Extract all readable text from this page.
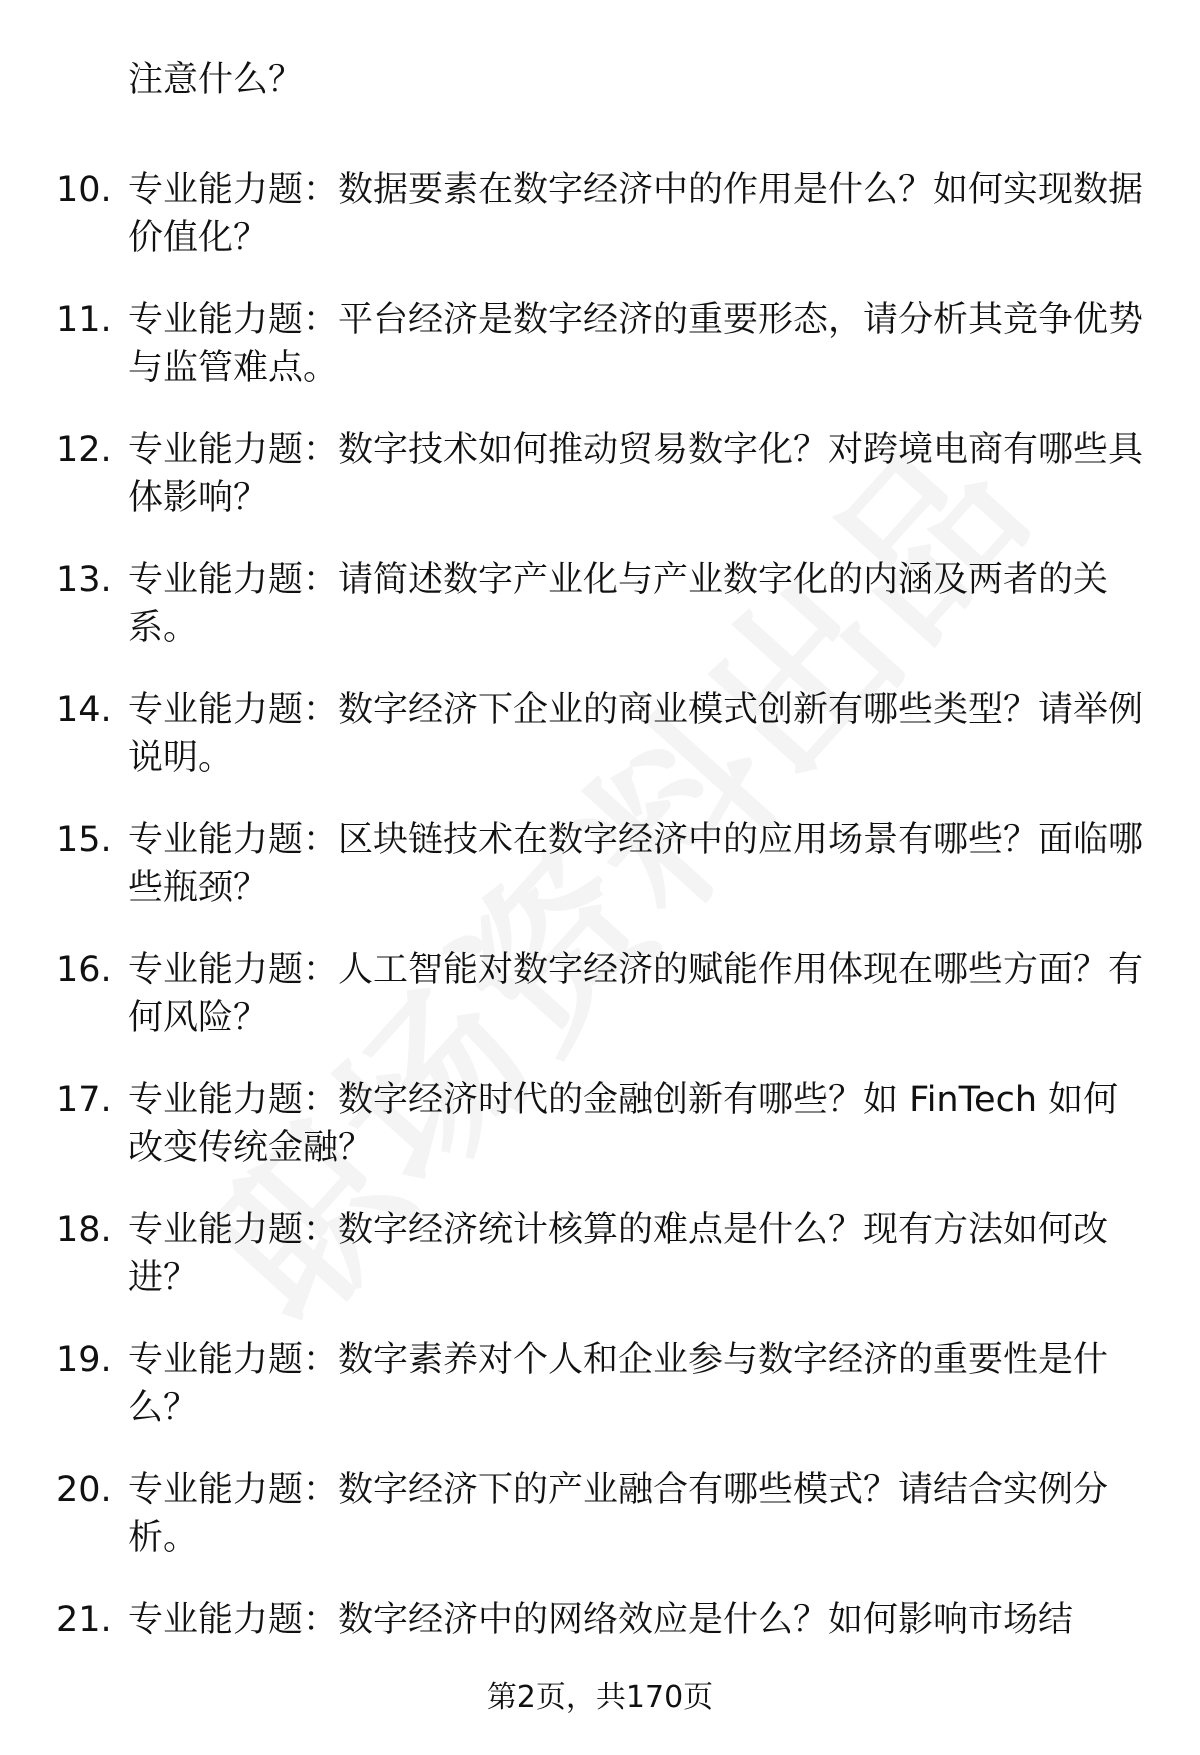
注意什么？
10. 专业能力题：数据要素在数字经济中的作用是什么？如何实现数据价值化？
11. 专业能力题：平台经济是数字经济的重要形态，请分析其竞争优势与监管难点。
12. 专业能力题：数字技术如何推动贸易数字化？对跨境电商有哪些具体影响？
13. 专业能力题：请简述数字产业化与产业数字化的内涵及两者的关系。
14. 专业能力题：数字经济下企业的商业模式创新有哪些类型？请举例说明。
15. 专业能力题：区块链技术在数字经济中的应用场景有哪些？面临哪些瓶颈？
16. 专业能力题：人工智能对数字经济的赋能作用体现在哪些方面？有何风险？
17. 专业能力题：数字经济时代的金融创新有哪些？如 FinTech 如何改变传统金融？
18. 专业能力题：数字经济统计核算的难点是什么？现有方法如何改进？
19. 专业能力题：数字素养对个人和企业参与数字经济的重要性是什么？
20. 专业能力题：数字经济下的产业融合有哪些模式？请结合实例分析。
21. 专业能力题：数字经济中的网络效应是什么？如何影响市场结
第2页，共170页
